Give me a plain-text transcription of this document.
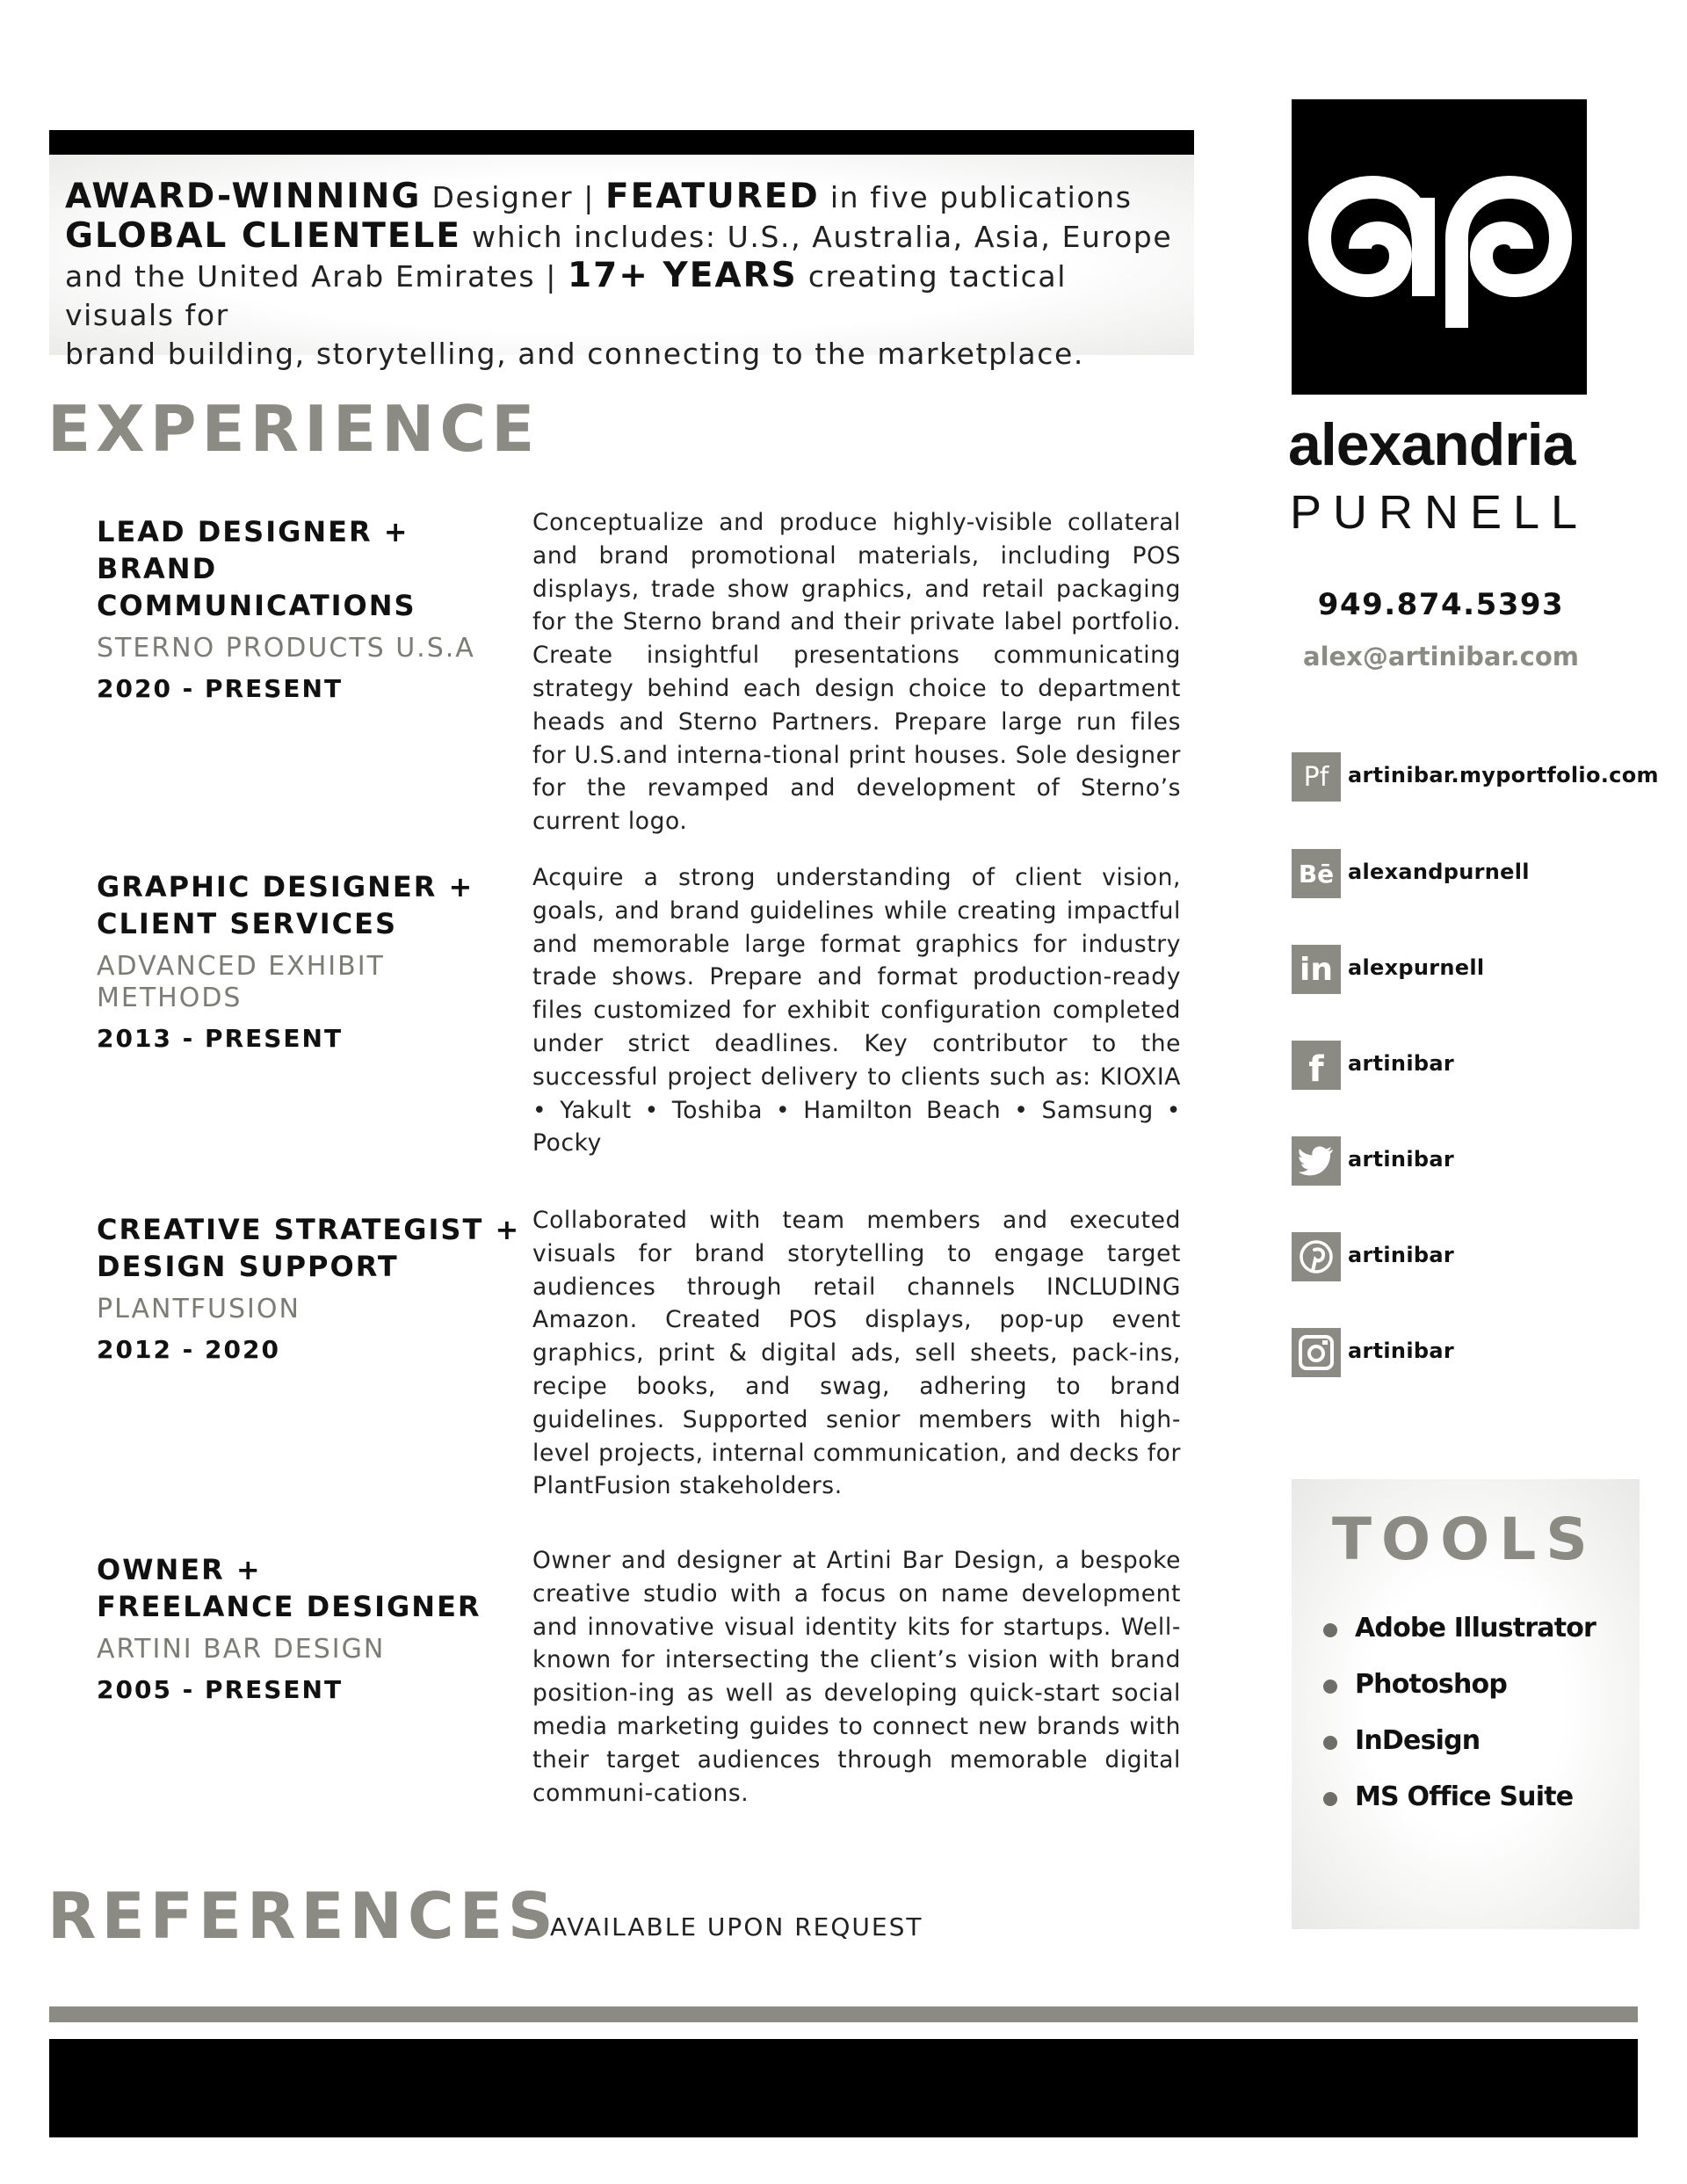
AWARD-WINNING Designer | FEATURED in five publications
GLOBAL CLIENTELE which includes: U.S., Australia, Asia, Europe
and the United Arab Emirates | 17+ YEARS creating tactical visuals for
brand building, storytelling, and connecting to the marketplace.
EXPERIENCE
LEAD DESIGNER +
BRAND COMMUNICATIONS
STERNO PRODUCTS U.S.A
2020 - PRESENT

Conceptualize and produce highly-visible collateral and brand promotional materials, including POS displays, trade show graphics, and retail packaging for the Sterno brand and their private label portfolio. Create insightful presentations communicating strategy behind each design choice to department heads and Sterno Partners. Prepare large run files for U.S.and interna-tional print houses. Sole designer for the revamped and development of Sterno’s current logo.

GRAPHIC DESIGNER +
CLIENT SERVICES
ADVANCED EXHIBIT METHODS
2013 - PRESENT

Acquire a strong understanding of client vision, goals, and brand guidelines while creating impactful and memorable large format graphics for industry trade shows. Prepare and format production-ready files customized for exhibit configuration completed under strict deadlines. Key contributor to the successful project delivery to clients such as: KIOXIA • Yakult • Toshiba • Hamilton Beach • Samsung • Pocky

CREATIVE STRATEGIST +
DESIGN SUPPORT
PLANTFUSION
2012 - 2020

Collaborated with team members and executed visuals for brand storytelling to engage target audiences through retail channels INCLUDING Amazon. Created POS displays, pop-up event graphics, print & digital ads, sell sheets, pack-ins, recipe books, and swag, adhering to brand guidelines. Supported senior members with high-level projects, internal communication, and decks for PlantFusion stakeholders.

OWNER +
FREELANCE DESIGNER
ARTINI BAR DESIGN
2005 - PRESENT

Owner and designer at Artini Bar Design, a bespoke creative studio with a focus on name development and innovative visual identity kits for startups. Well-known for intersecting the client’s vision with brand position-ing as well as developing quick-start social media marketing guides to connect new brands with their target audiences through memorable digital communi-cations.

REFERENCES
AVAILABLE UPON REQUEST
alexandria
PURNELL
949.874.5393
alex@artinibar.com
Pf artinibar.myportfolio.com
Bē alexandpurnell
in alexpurnell
f artinibar
artinibar
artinibar
artinibar
TOOLS
Adobe Illustrator
Photoshop
InDesign
MS Office Suite
